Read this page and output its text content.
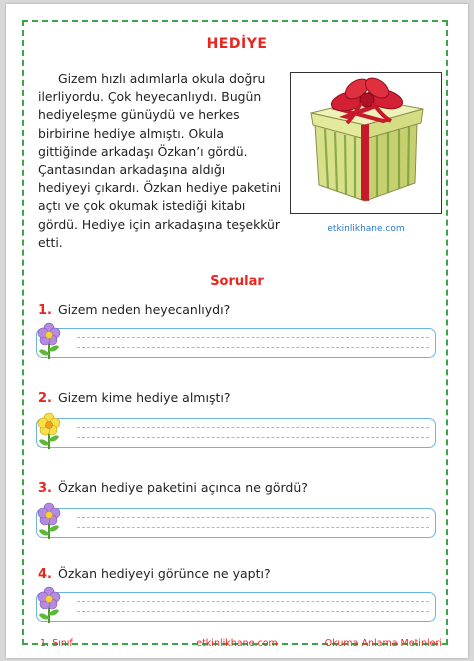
HEDİYE

Gizem hızlı adımlarla okula doğru
ilerliyordu. Çok heyecanlıydı. Bugün
hediyeleşme günüydü ve herkes
birbirine hediye almıştı. Okula
gittiğinde arkadaşı Özkan’ı gördü.
Çantasından arkadaşına aldığı
hediyeyi çıkardı. Özkan hediye paketini
açtı ve çok okumak istediği kitabı
gördü. Hediye için arkadaşına teşekkür
etti.

etkinlikhane.com
Sorular
1. Gizem neden heyecanlıydı?
2. Gizem kime hediye almıştı?
3. Özkan hediye paketini açınca ne gördü?
4. Özkan hediyeyi görünce ne yaptı?
1. Sınıf	etkinlikhane.com	Okuma Anlama Metinleri
